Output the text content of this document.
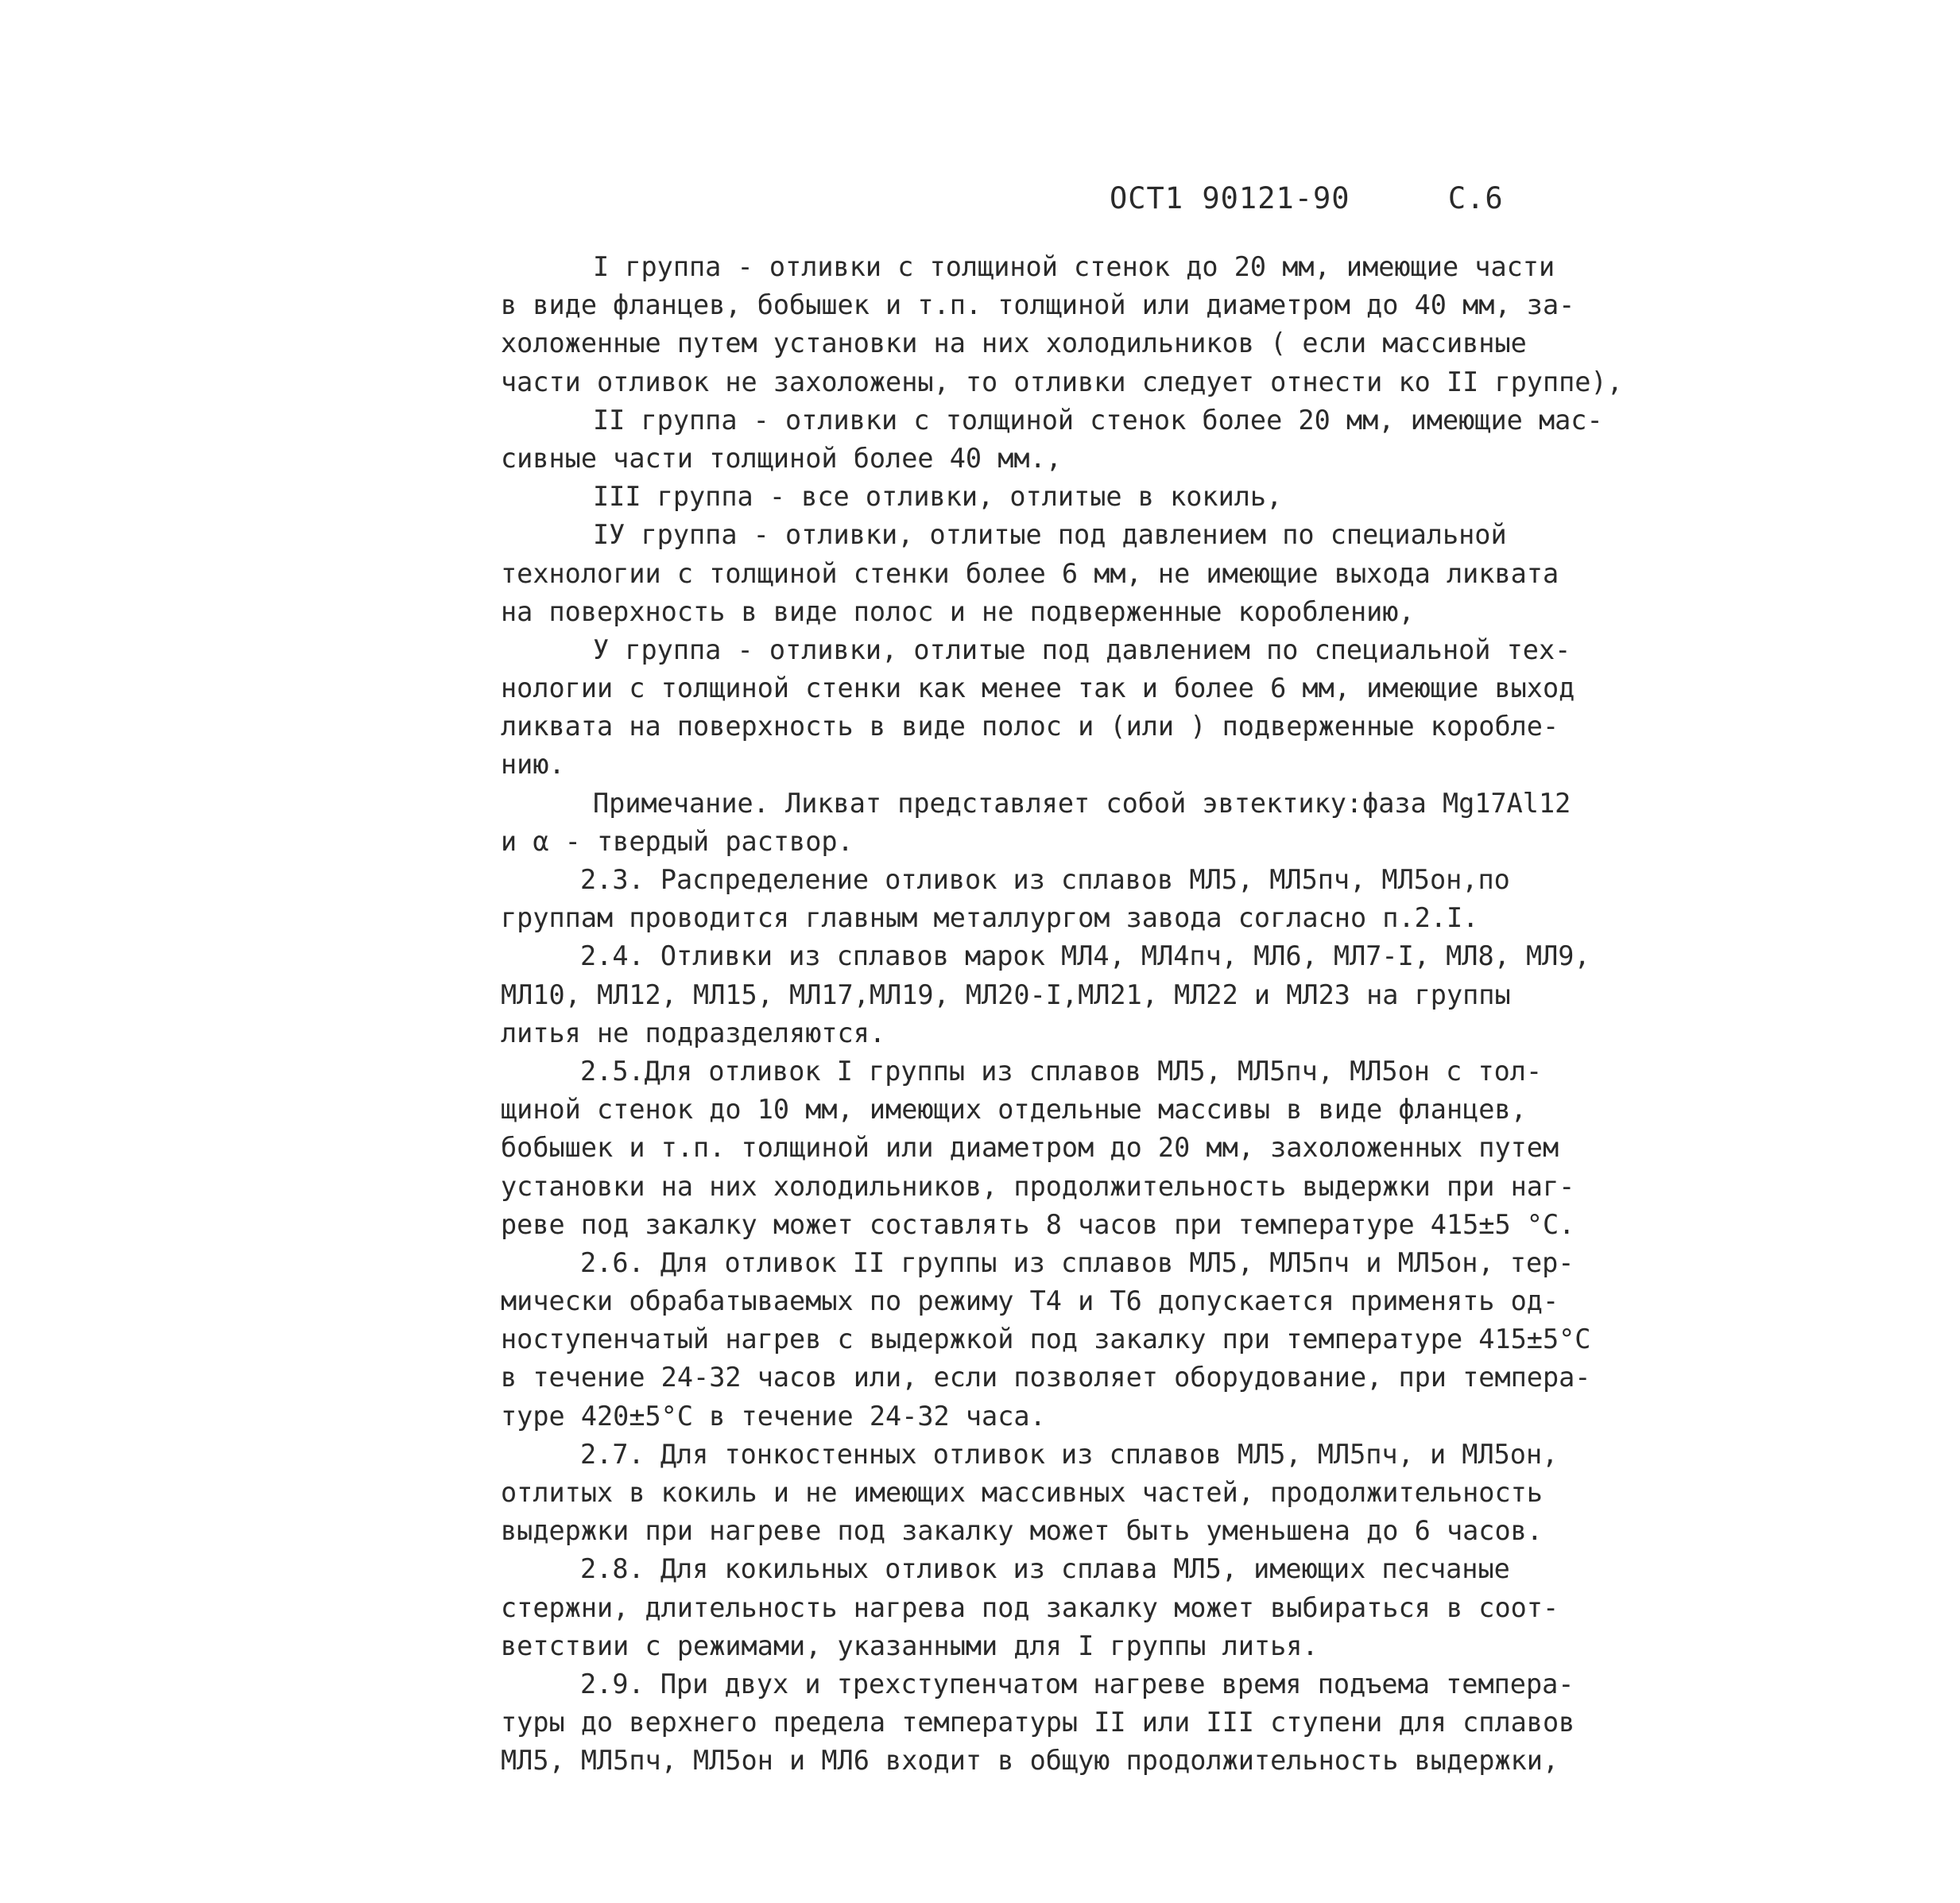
ОСТ1 90121-90	С.6
I группа - отливки с толщиной стенок до 20 мм, имеющие части
в виде фланцев, бобышек и т.п. толщиной или диаметром до 40 мм, за-
холоженные путем установки на них холодильников ( если массивные
части отливок не захоложены, то отливки следует отнести ко II группе),
II группа - отливки с толщиной стенок более 20 мм, имеющие мас-
сивные части толщиной более 40 мм.,
III группа - все отливки, отлитые в кокиль,
IУ группа - отливки, отлитые под давлением по специальной
технологии с толщиной стенки более 6 мм, не имеющие выхода ликвата
на поверхность в виде полос и не подверженные короблению,
У группа - отливки, отлитые под давлением по специальной тех-
нологии с толщиной стенки как менее так и более 6 мм, имеющие выход
ликвата на поверхность в виде полос и (или ) подверженные коробле-
нию.
Примечание. Ликват представляет собой эвтектику:фаза Mg17Al12
и α - твердый раствор.
2.3. Распределение отливок из сплавов МЛ5, МЛ5пч, МЛ5он,по
группам проводится главным металлургом завода согласно п.2.I.
2.4. Отливки из сплавов марок МЛ4, МЛ4пч, МЛ6, МЛ7-I, МЛ8, МЛ9,
МЛ10, МЛ12, МЛ15, МЛ17,МЛ19, МЛ20-I,МЛ21, МЛ22 и МЛ23 на группы
литья не подразделяются.
2.5.Для отливок I группы из сплавов МЛ5, МЛ5пч, МЛ5он с тол-
щиной стенок до 10 мм, имеющих отдельные массивы в виде фланцев,
бобышек и т.п. толщиной или диаметром до 20 мм, захоложенных путем
установки на них холодильников, продолжительность выдержки при наг-
реве под закалку может составлять 8 часов при температуре 415±5 °C.
2.6. Для отливок II группы из сплавов МЛ5, МЛ5пч и МЛ5он, тер-
мически обрабатываемых по режиму Т4 и Т6 допускается применять од-
ноступенчатый нагрев с выдержкой под закалку при температуре 415±5°C
в течение 24-32 часов или, если позволяет оборудование, при темпера-
туре 420±5°C в течение 24-32 часа.
2.7. Для тонкостенных отливок из сплавов МЛ5, МЛ5пч, и МЛ5он,
отлитых в кокиль и не имеющих массивных частей, продолжительность
выдержки при нагреве под закалку может быть уменьшена до 6 часов.
2.8. Для кокильных отливок из сплава МЛ5, имеющих песчаные
стержни, длительность нагрева под закалку может выбираться в соот-
ветствии с режимами, указанными для I группы литья.
2.9. При двух и трехступенчатом нагреве время подъема темпера-
туры до верхнего предела температуры II или III ступени для сплавов
МЛ5, МЛ5пч, МЛ5он и МЛ6 входит в общую продолжительность выдержки,
